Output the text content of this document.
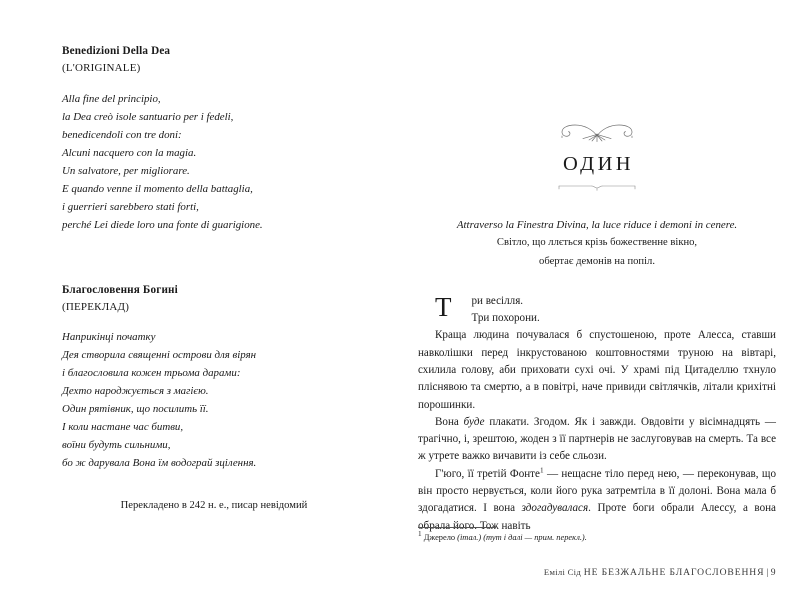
Benedizioni Della Dea
(L'ORIGINALE)
Alla fine del principio,
la Dea creò isole santuario per i fedeli,
benedicendoli con tre doni:
Alcuni nacquero con la magia.
Un salvatore, per migliorare.
E quando venne il momento della battaglia,
i guerrieri sarebbero stati forti,
perché Lei diede loro una fonte di guarigione.
Благословення Богині
(ПЕРЕКЛАД)
Наприкінці початку
Дея створила священні острови для вірян
і благословила кожен трьома дарами:
Дехто народжується з магією.
Один рятівник, що посилить її.
І коли настане час битви,
воїни будуть сильними,
бо ж дарувала Вона їм водограй зцілення.
Перекладено в 242 н. е., писар невідомий
ОДИН
Attraverso la Finestra Divina, la luce riduce i demoni in cenere.
Світло, що ллється крізь божественне вікно,
обертає демонів на попіл.

Т ри весілля.
Три похорони.

Краща людина почувалася б спустошеною, проте Алесса, ставши навколішки перед інкрустованою коштовностями труною на вівтарі, схилила голову, аби приховати сухі очі. У храмі під Цитаделлю тхнуло пліснявою та смертю, а в повітрі, наче привиди світлячків, літали крихітні порошинки.

Вона буде плакати. Згодом. Як і завжди. Овдовіти у вісімнадцять — трагічно, і, зрештою, жоден з її партнерів не заслуговував на смерть. Та все ж утрете важко вичавити із себе сльози.

Г'юго, її третій Фонте$^1$ — нещасне тіло перед нею, — переконував, що він просто нервується, коли його рука затремтіла в її долоні. Вона мала б здогадатися. І вона здогадувалася. Проте боги обрали Алессу, а вона обрала його. Тож навіть

$^1$ Джерело (італ.) (тут і далі — прим. перекл.).

Емілі Сід НЕ БЕЗЖАЛЬНЕ БЛАГОСЛОВЕННЯ | 9
